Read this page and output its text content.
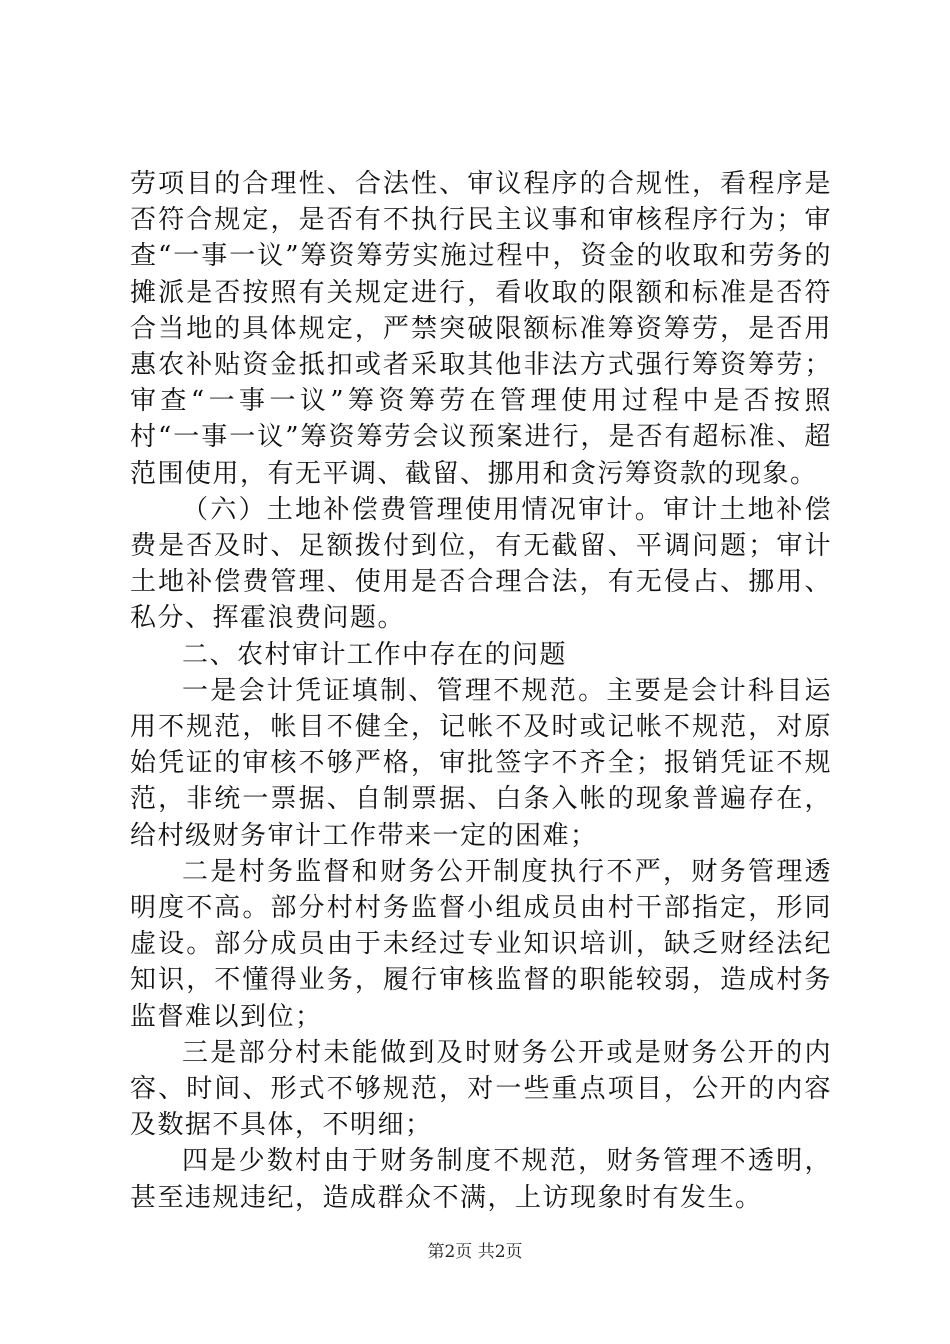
劳项目的合理性、合法性、审议程序的合规性，看程序是否符合规定，是否有不执行民主议事和审核程序行为；审查“一事一议”筹资筹劳实施过程中，资金的收取和劳务的摊派是否按照有关规定进行，看收取的限额和标准是否符合当地的具体规定，严禁突破限额标准筹资筹劳，是否用惠农补贴资金抵扣或者采取其他非法方式强行筹资筹劳；审查“一事一议”筹资筹劳在管理使用过程中是否按照村“一事一议”筹资筹劳会议预案进行，是否有超标准、超范围使用，有无平调、截留、挪用和贪污筹资款的现象。

（六）土地补偿费管理使用情况审计。审计土地补偿费是否及时、足额拨付到位，有无截留、平调问题；审计土地补偿费管理、使用是否合理合法，有无侵占、挪用、私分、挥霍浪费问题。

二、农村审计工作中存在的问题

一是会计凭证填制、管理不规范。主要是会计科目运用不规范，帐目不健全，记帐不及时或记帐不规范，对原始凭证的审核不够严格，审批签字不齐全；报销凭证不规范，非统一票据、自制票据、白条入帐的现象普遍存在，给村级财务审计工作带来一定的困难；

二是村务监督和财务公开制度执行不严，财务管理透明度不高。部分村村务监督小组成员由村干部指定，形同虚设。部分成员由于未经过专业知识培训，缺乏财经法纪知识，不懂得业务，履行审核监督的职能较弱，造成村务监督难以到位；

三是部分村未能做到及时财务公开或是财务公开的内容、时间、形式不够规范，对一些重点项目，公开的内容及数据不具体，不明细；

四是少数村由于财务制度不规范，财务管理不透明，甚至违规违纪，造成群众不满，上访现象时有发生。

第2页 共2页
